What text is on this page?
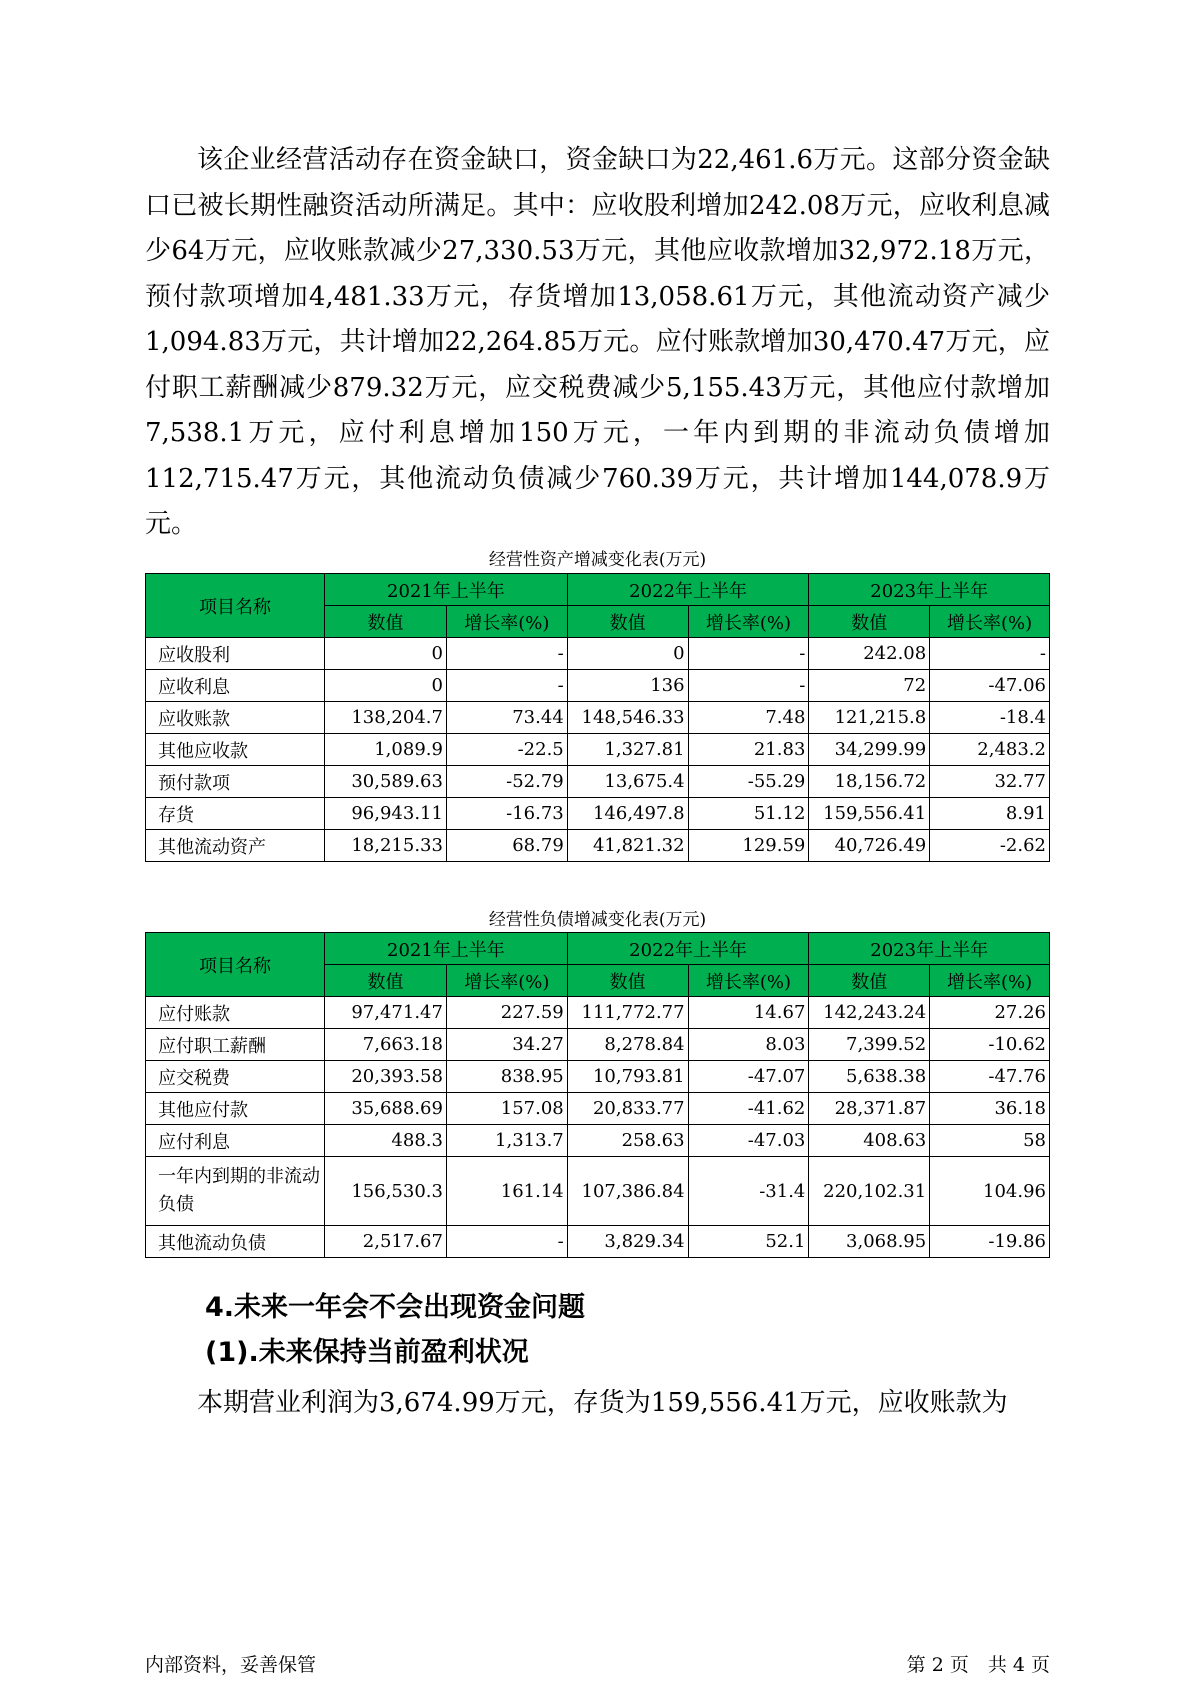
该企业经营活动存在资金缺口，资金缺口为22,461.6万元。这部分资金缺口已被长期性融资活动所满足。其中：应收股利增加242.08万元，应收利息减少64万元，应收账款减少27,330.53万元，其他应收款增加32,972.18万元，预付款项增加4,481.33万元，存货增加13,058.61万元，其他流动资产减少1,094.83万元，共计增加22,264.85万元。应付账款增加30,470.47万元，应付职工薪酬减少879.32万元，应交税费减少5,155.43万元，其他应付款增加7,538.1万元，应付利息增加150万元，一年内到期的非流动负债增加112,715.47万元，其他流动负债减少760.39万元，共计增加144,078.9万元。

经营性资产增减变化表(万元)
项目名称	2021年上半年		2022年上半年		2023年上半年	
	数值	增长率(%)	数值	增长率(%)	数值	增长率(%)
应收股利	0	-	0	-	242.08	-
应收利息	0	-	136	-	72	-47.06
应收账款	138,204.7	73.44	148,546.33	7.48	121,215.8	-18.4
其他应收款	1,089.9	-22.5	1,327.81	21.83	34,299.99	2,483.2
预付款项	30,589.63	-52.79	13,675.4	-55.29	18,156.72	32.77
存货	96,943.11	-16.73	146,497.8	51.12	159,556.41	8.91
其他流动资产	18,215.33	68.79	41,821.32	129.59	40,726.49	-2.62
经营性负债增减变化表(万元)
项目名称	2021年上半年		2022年上半年		2023年上半年	
	数值	增长率(%)	数值	增长率(%)	数值	增长率(%)
应付账款	97,471.47	227.59	111,772.77	14.67	142,243.24	27.26
应付职工薪酬	7,663.18	34.27	8,278.84	8.03	7,399.52	-10.62
应交税费	20,393.58	838.95	10,793.81	-47.07	5,638.38	-47.76
其他应付款	35,688.69	157.08	20,833.77	-41.62	28,371.87	36.18
应付利息	488.3	1,313.7	258.63	-47.03	408.63	58
一年内到期的非流动负债	156,530.3	161.14	107,386.84	-31.4	220,102.31	104.96
其他流动负债	2,517.67	-	3,829.34	52.1	3,068.95	-19.86
4.未来一年会不会出现资金问题
(1).未来保持当前盈利状况

本期营业利润为3,674.99万元，存货为159,556.41万元，应收账款为

内部资料，妥善保管	第 2 页　共 4 页
